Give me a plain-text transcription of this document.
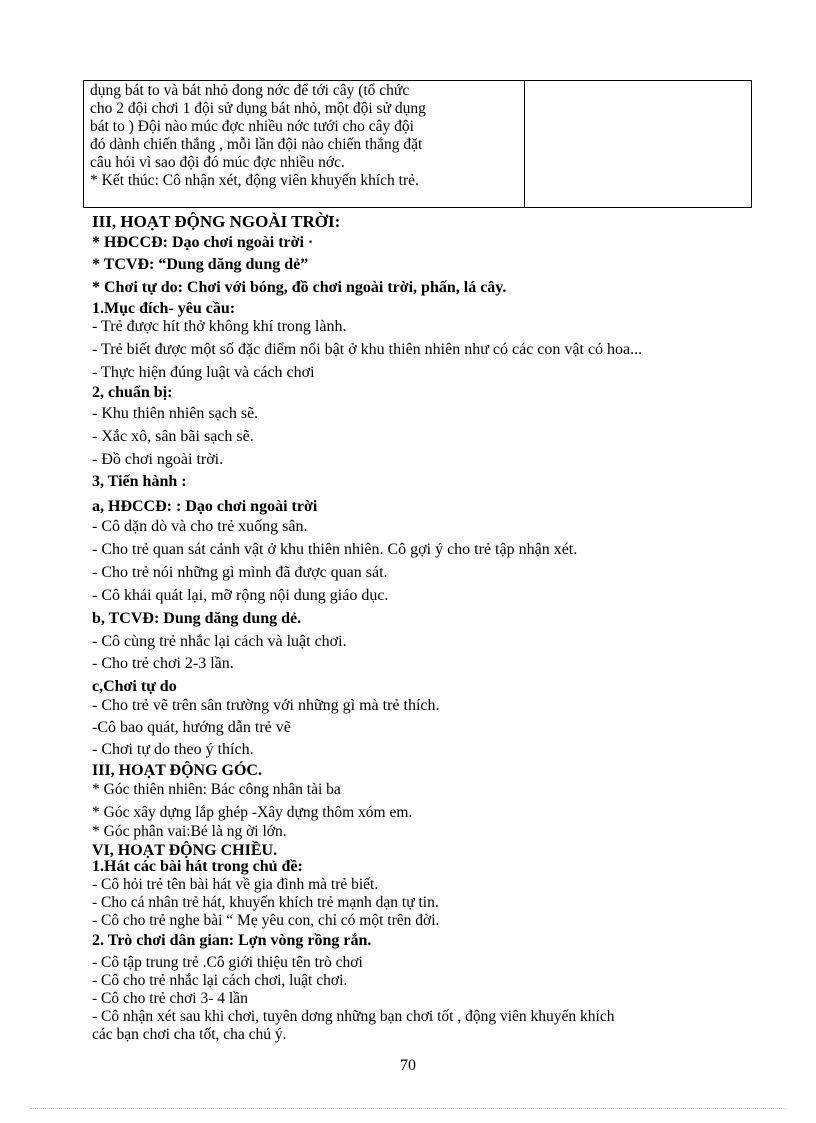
dụng bát to và bát nhỏ đong nớc để tới cây (tổ chức
cho 2 đội chơi 1 đội sử dụng bát nhỏ, một đội sử dụng
bát to ) Đội nào múc đợc nhiều nớc tưới cho cây đội
đó dành chiến thắng , mỗi lần đội nào chiến thắng đặt
câu hỏi vì sao đội đó múc đợc nhiều nớc.
* Kết thúc: Cô nhận xét, động viên khuyến khích trẻ.
III, HOẠT ĐỘNG NGOÀI TRỜI:
* HĐCCĐ: Dạo chơi ngoài trời ·
* TCVĐ: “Dung dăng dung dẻ”
* Chơi tự do: Chơi với bóng, đồ chơi ngoài trời, phấn, lá cây.
1.Mục đích- yêu cầu:
- Trẻ được hít thở không khí trong lành.
- Trẻ biết được một số đặc điểm nổi bật ở khu thiên nhiên như có các con vật có hoa...
- Thực hiện đúng luật và cách chơi
2, chuẩn bị:
- Khu thiên nhiên sạch sẽ.
- Xắc xô, sân bãi sạch sẽ.
- Đồ chơi ngoài trời.
3, Tiến hành :
a, HĐCCĐ: : Dạo chơi ngoài trời
- Cô dặn dò và cho trẻ xuống sân.
- Cho trẻ quan sát cảnh vật ở khu thiên nhiên. Cô gợi ý cho trẻ tập nhận xét.
- Cho trẻ nói những gì mình đã được quan sát.
- Cô khái quát lại, mỡ rộng nội dung giáo dục.
b, TCVĐ: Dung dăng dung dẻ.
- Cô cùng trẻ nhắc lại cách và luật chơi.
- Cho trẻ chơi 2-3 lần.
c,Chơi tự do
- Cho trẻ vẽ trên sân trường với những gì mà trẻ thích.
-Cô bao quát, hướng dẫn trẻ vẽ
- Chơi tự do theo ý thích.
III, HOẠT ĐỘNG GÓC.
* Góc thiên nhiên: Bác công nhân tài ba
* Góc xây dựng lắp ghép -Xây dựng thôm xóm em.
* Góc phân vai:Bé là ng ời lớn.
VI, HOẠT ĐỘNG CHIỀU.
1.Hát các bài hát trong chủ đề:
- Cô hỏi trẻ tên bài hát về gia đình mà trẻ biết.
- Cho cá nhân trẻ hát, khuyến khích trẻ mạnh dạn tự tin.
- Cô cho trẻ nghe bài “ Mẹ yêu con, chỉ có một trên đời.
2. Trò chơi dân gian: Lợn vòng rồng rắn.
- Cô tập trung trẻ .Cô giới thiệu tên trò chơi
- Cô cho trẻ nhắc lại cách chơi, luật chơi.
- Cô cho trẻ chơi 3- 4 lần
- Cô nhận xét sau khi chơi, tuyên dơng những bạn chơi tốt , động viên khuyến khích
các bạn chơi cha tốt, cha chú ý.
70
